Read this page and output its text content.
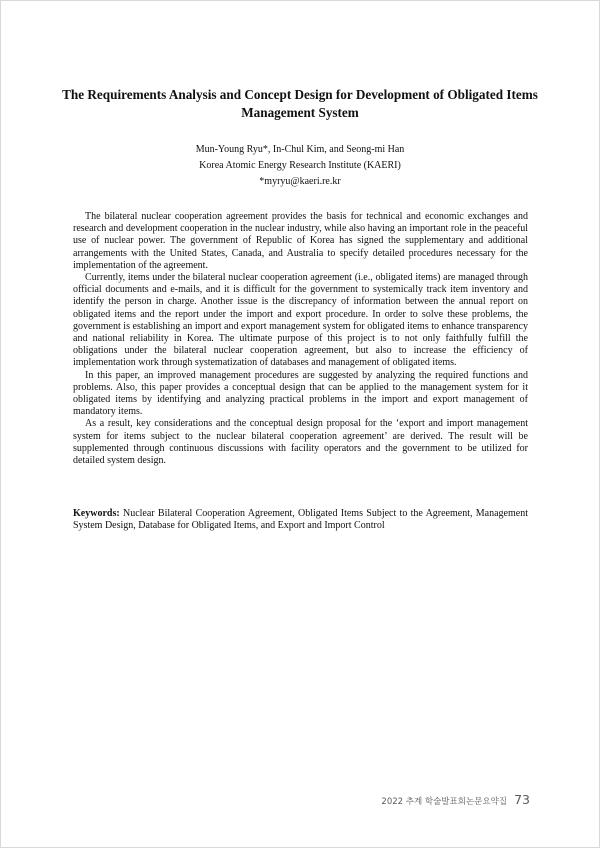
The Requirements Analysis and Concept Design for Development of Obligated Items Management System

Mun-Young Ryu*, In-Chul Kim, and Seong-mi Han

Korea Atomic Energy Research Institute (KAERI)

*myryu@kaeri.re.kr

The bilateral nuclear cooperation agreement provides the basis for technical and economic exchanges and research and development cooperation in the nuclear industry, while also having an important role in the peaceful use of nuclear power. The government of Republic of Korea has signed the supplementary and additional arrangements with the United States, Canada, and Australia to specify detailed procedures necessary for the implementation of the agreement.

Currently, items under the bilateral nuclear cooperation agreement (i.e., obligated items) are managed through official documents and e-mails, and it is difficult for the government to systemically track item inventory and identify the person in charge. Another issue is the discrepancy of information between the annual report on obligated items and the report under the import and export procedure. In order to solve these problems, the government is establishing an import and export management system for obligated items to enhance transparency and national reliability in Korea. The ultimate purpose of this project is to not only faithfully fulfill the obligations under the bilateral nuclear cooperation agreement, but also to increase the efficiency of implementation work through systematization of databases and management of obligated items.

In this paper, an improved management procedures are suggested by analyzing the required functions and problems. Also, this paper provides a conceptual design that can be applied to the management system for it obligated items by identifying and analyzing practical problems in the import and export management of mandatory items.

As a result, key considerations and the conceptual design proposal for the ‘export and import management system for items subject to the nuclear bilateral cooperation agreement’ are derived. The result will be supplemented through continuous discussions with facility operators and the government to be utilized for detailed system design.

Keywords: Nuclear Bilateral Cooperation Agreement, Obligated Items Subject to the Agreement, Management System Design, Database for Obligated Items, and Export and Import Control

2022 추계 학술발표회논문요약집 73
